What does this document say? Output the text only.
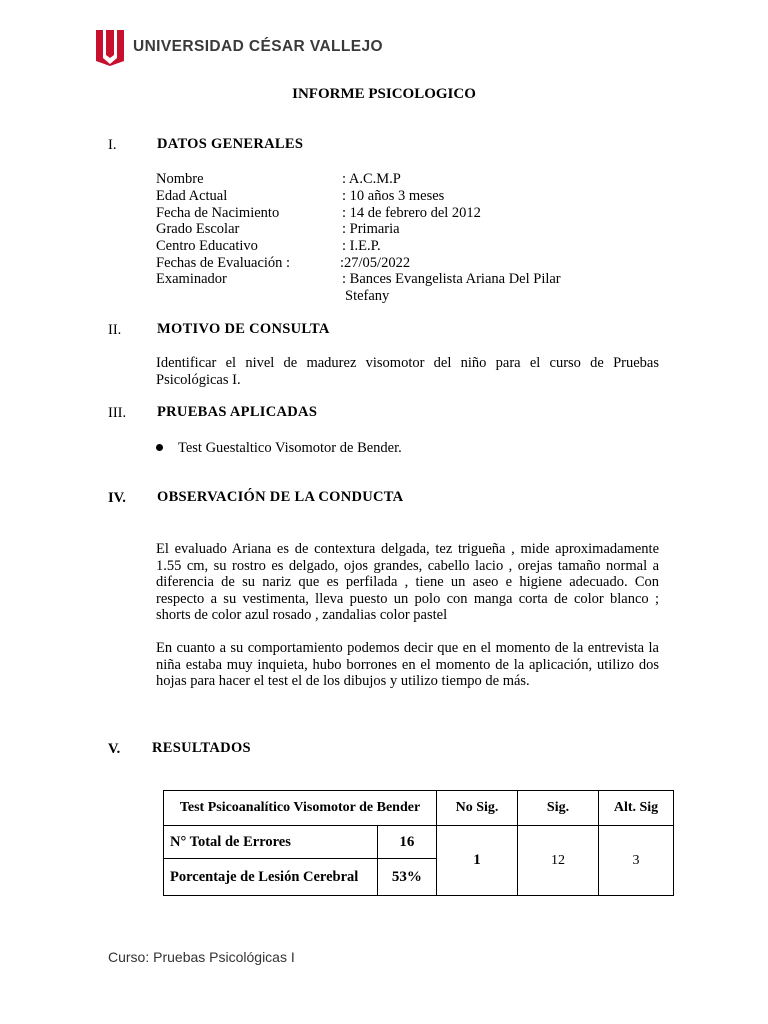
UNIVERSIDAD CÉSAR VALLEJO
INFORME PSICOLOGICO
I.	DATOS GENERALES
Nombre	: A.C.M.P
Edad Actual	: 10 años 3 meses
Fecha de Nacimiento	: 14 de febrero del 2012
Grado Escolar	: Primaria
Centro Educativo	: I.E.P.
Fechas de Evaluación :	:27/05/2022
Examinador	: Bances Evangelista Ariana Del Pilar
Stefany
II. MOTIVO DE CONSULTA
Identificar el nivel de madurez visomotor del niño para el curso de Pruebas Psicológicas I.
III. PRUEBAS APLICADAS
Test Guestaltico Visomotor de Bender.
IV. OBSERVACIÓN DE LA CONDUCTA
El evaluado Ariana es de contextura delgada, tez trigueña , mide aproximadamente 1.55 cm, su rostro es delgado, ojos grandes, cabello lacio , orejas tamaño normal a diferencia de su nariz que es perfilada , tiene un aseo e higiene adecuado. Con respecto a su vestimenta, lleva puesto un polo con manga corta de color blanco ; shorts de color azul rosado , zandalias color pastel
En cuanto a su comportamiento podemos decir que en el momento de la entrevista la niña estaba muy inquieta, hubo borrones en el momento de la aplicación, utilizo dos hojas para hacer el test el de los dibujos y utilizo tiempo de más.
V. RESULTADOS
Test Psicoanalítico Visomotor de Bender		No Sig.	Sig.	Alt. Sig
N° Total de Errores	16	1	12	3
Porcentaje de Lesión Cerebral	53%			
Curso: Pruebas Psicológicas I
